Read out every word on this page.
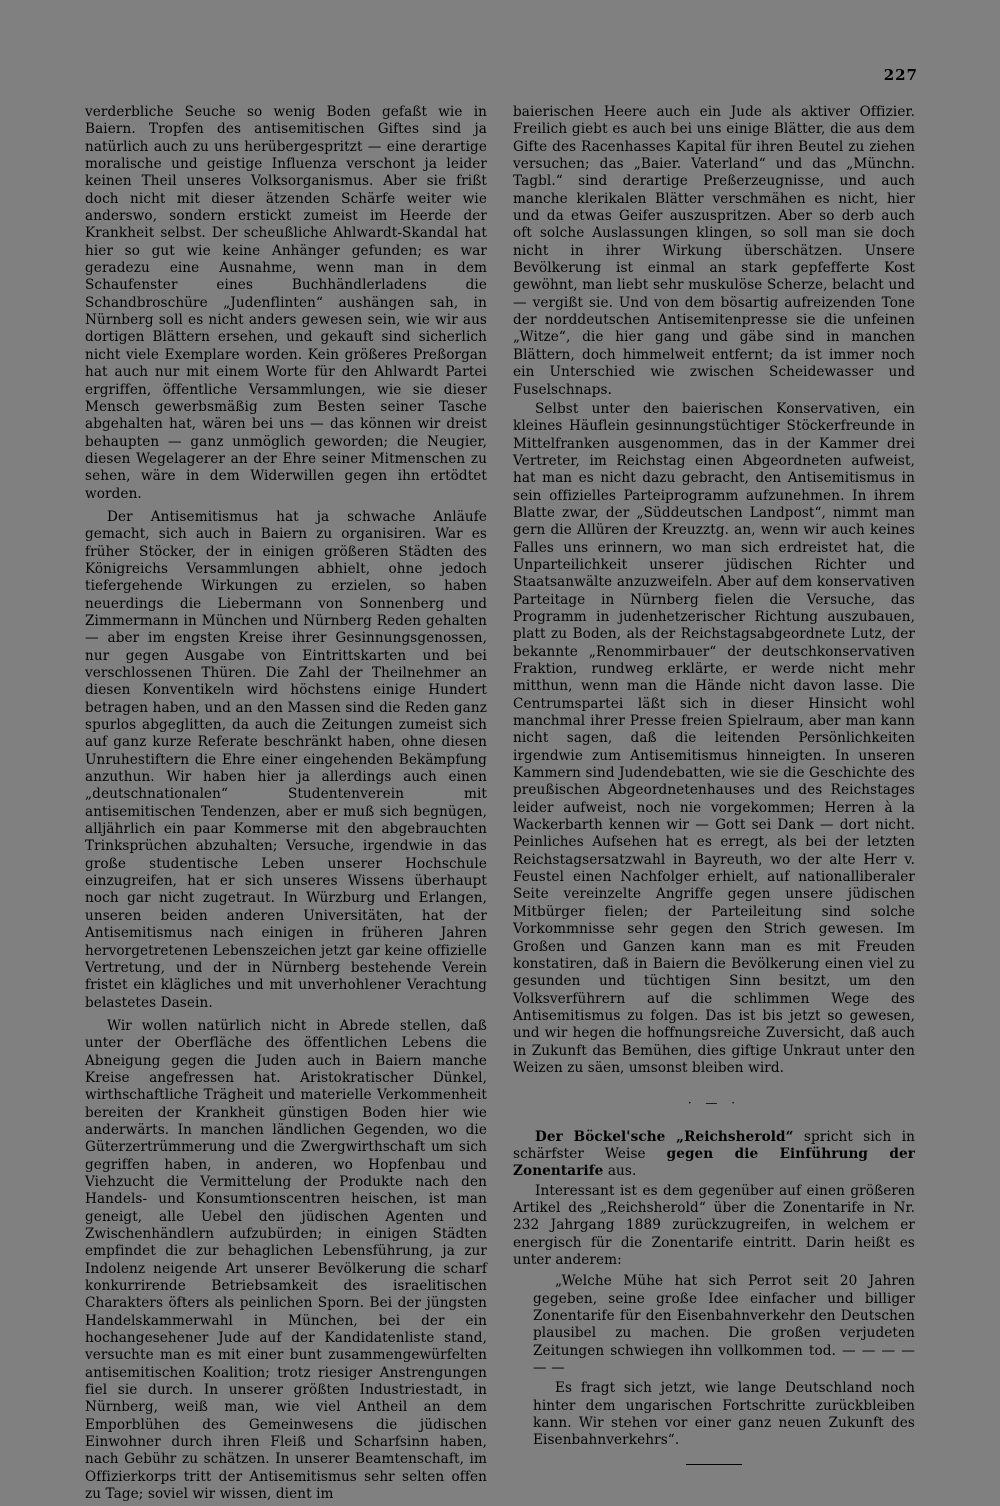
227

verderbliche Seuche so wenig Boden gefaßt wie in Baiern. Tropfen des antisemitischen Giftes sind ja natürlich auch zu uns herübergespritzt — eine derartige moralische und geistige Influenza verschont ja leider keinen Theil unseres Volksorganismus. Aber sie frißt doch nicht mit dieser ätzenden Schärfe weiter wie anderswo, sondern erstickt zumeist im Heerde der Krankheit selbst. Der scheußliche Ahlwardt-Skandal hat hier so gut wie keine Anhänger gefunden; es war geradezu eine Ausnahme, wenn man in dem Schaufenster eines Buchhändlerladens die Schandbroschüre „Judenflinten“ aushängen sah, in Nürnberg soll es nicht anders gewesen sein, wie wir aus dortigen Blättern ersehen, und gekauft sind sicherlich nicht viele Exemplare worden. Kein größeres Preßorgan hat auch nur mit einem Worte für den Ahlwardt Partei ergriffen, öffentliche Versammlungen, wie sie dieser Mensch gewerbsmäßig zum Besten seiner Tasche abgehalten hat, wären bei uns — das können wir dreist behaupten — ganz unmöglich geworden; die Neugier, diesen Wegelagerer an der Ehre seiner Mitmenschen zu sehen, wäre in dem Widerwillen gegen ihn ertödtet worden.

Der Antisemitismus hat ja schwache Anläufe gemacht, sich auch in Baiern zu organisiren. War es früher Stöcker, der in einigen größeren Städten des Königreichs Versammlungen abhielt, ohne jedoch tiefergehende Wirkungen zu erzielen, so haben neuerdings die Liebermann von Sonnenberg und Zimmermann in München und Nürnberg Reden gehalten — aber im engsten Kreise ihrer Gesinnungsgenossen, nur gegen Ausgabe von Eintrittskarten und bei verschlossenen Thüren. Die Zahl der Theilnehmer an diesen Konventikeln wird höchstens einige Hundert betragen haben, und an den Massen sind die Reden ganz spurlos abgeglitten, da auch die Zeitungen zumeist sich auf ganz kurze Referate beschränkt haben, ohne diesen Unruhestiftern die Ehre einer eingehenden Bekämpfung anzuthun. Wir haben hier ja allerdings auch einen „deutschnationalen“ Studentenverein mit antisemitischen Tendenzen, aber er muß sich begnügen, alljährlich ein paar Kommerse mit den abgebrauchten Trinksprüchen abzuhalten; Versuche, irgendwie in das große studentische Leben unserer Hochschule einzugreifen, hat er sich unseres Wissens überhaupt noch gar nicht zugetraut. In Würzburg und Erlangen, unseren beiden anderen Universitäten, hat der Antisemitismus nach einigen in früheren Jahren hervorgetretenen Lebenszeichen jetzt gar keine offizielle Vertretung, und der in Nürnberg bestehende Verein fristet ein klägliches und mit unverhohlener Verachtung belastetes Dasein.

Wir wollen natürlich nicht in Abrede stellen, daß unter der Oberfläche des öffentlichen Lebens die Abneigung gegen die Juden auch in Baiern manche Kreise angefressen hat. Aristokratischer Dünkel, wirthschaftliche Trägheit und materielle Verkommenheit bereiten der Krankheit günstigen Boden hier wie anderwärts. In manchen ländlichen Gegenden, wo die Güterzertrümmerung und die Zwergwirthschaft um sich gegriffen haben, in anderen, wo Hopfenbau und Viehzucht die Vermittelung der Produkte nach den Handels- und Konsumtionscentren heischen, ist man geneigt, alle Uebel den jüdischen Agenten und Zwischenhändlern aufzubürden; in einigen Städten empfindet die zur behaglichen Lebensführung, ja zur Indolenz neigende Art unserer Bevölkerung die scharf konkurrirende Betriebsamkeit des israelitischen Charakters öfters als peinlichen Sporn. Bei der jüngsten Handelskammerwahl in München, bei der ein hochangesehener Jude auf der Kandidatenliste stand, versuchte man es mit einer bunt zusammengewürfelten antisemitischen Koalition; trotz riesiger Anstrengungen fiel sie durch. In unserer größten Industriestadt, in Nürnberg, weiß man, wie viel Antheil an dem Emporblühen des Gemeinwesens die jüdischen Einwohner durch ihren Fleiß und Scharfsinn haben, nach Gebühr zu schätzen. In unserer Beamtenschaft, im Offizierkorps tritt der Antisemitismus sehr selten offen zu Tage; soviel wir wissen, dient im

baierischen Heere auch ein Jude als aktiver Offizier. Freilich giebt es auch bei uns einige Blätter, die aus dem Gifte des Racenhasses Kapital für ihren Beutel zu ziehen versuchen; das „Baier. Vaterland“ und das „Münchn. Tagbl.“ sind derartige Preßerzeugnisse, und auch manche klerikalen Blätter verschmähen es nicht, hier und da etwas Geifer auszuspritzen. Aber so derb auch oft solche Auslassungen klingen, so soll man sie doch nicht in ihrer Wirkung überschätzen. Unsere Bevölkerung ist einmal an stark gepfefferte Kost gewöhnt, man liebt sehr muskulöse Scherze, belacht und — vergißt sie. Und von dem bösartig aufreizenden Tone der norddeutschen Antisemitenpresse sie die unfeinen „Witze“, die hier gang und gäbe sind in manchen Blättern, doch himmelweit entfernt; da ist immer noch ein Unterschied wie zwischen Scheidewasser und Fuselschnaps.

Selbst unter den baierischen Konservativen, ein kleines Häuflein gesinnungstüchtiger Stöckerfreunde in Mittelfranken ausgenommen, das in der Kammer drei Vertreter, im Reichstag einen Abgeordneten aufweist, hat man es nicht dazu gebracht, den Antisemitismus in sein offizielles Parteiprogramm aufzunehmen. In ihrem Blatte zwar, der „Süddeutschen Landpost“, nimmt man gern die Allüren der Kreuzztg. an, wenn wir auch keines Falles uns erinnern, wo man sich erdreistet hat, die Unparteilichkeit unserer jüdischen Richter und Staatsanwälte anzuzweifeln. Aber auf dem konservativen Parteitage in Nürnberg fielen die Versuche, das Programm in judenhetzerischer Richtung auszubauen, platt zu Boden, als der Reichstagsabgeordnete Lutz, der bekannte „Renommirbauer“ der deutschkonservativen Fraktion, rundweg erklärte, er werde nicht mehr mitthun, wenn man die Hände nicht davon lasse. Die Centrumspartei läßt sich in dieser Hinsicht wohl manchmal ihrer Presse freien Spielraum, aber man kann nicht sagen, daß die leitenden Persönlichkeiten irgendwie zum Antisemitismus hinneigten. In unseren Kammern sind Judendebatten, wie sie die Geschichte des preußischen Abgeordnetenhauses und des Reichstages leider aufweist, noch nie vorgekommen; Herren à la Wackerbarth kennen wir — Gott sei Dank — dort nicht. Peinliches Aufsehen hat es erregt, als bei der letzten Reichstagsersatzwahl in Bayreuth, wo der alte Herr v. Feustel einen Nachfolger erhielt, auf nationalliberaler Seite vereinzelte Angriffe gegen unsere jüdischen Mitbürger fielen; der Parteileitung sind solche Vorkommnisse sehr gegen den Strich gewesen. Im Großen und Ganzen kann man es mit Freuden konstatiren, daß in Baiern die Bevölkerung einen viel zu gesunden und tüchtigen Sinn besitzt, um den Volksverführern auf die schlimmen Wege des Antisemitismus zu folgen. Das ist bis jetzt so gewesen, und wir hegen die hoffnungsreiche Zuversicht, daß auch in Zukunft das Bemühen, dies giftige Unkraut unter den Weizen zu säen, umsonst bleiben wird.

· — ·

Der Böckel'sche „Reichsherold“ spricht sich in schärfster Weise gegen die Einführung der Zonentarife aus.

Interessant ist es dem gegenüber auf einen größeren Artikel des „Reichsherold“ über die Zonentarife in Nr. 232 Jahrgang 1889 zurückzugreifen, in welchem er energisch für die Zonentarife eintritt. Darin heißt es unter anderem:

„Welche Mühe hat sich Perrot seit 20 Jahren gegeben, seine große Idee einfacher und billiger Zonentarife für den Eisenbahnverkehr den Deutschen plausibel zu machen. Die großen verjudeten Zeitungen schwiegen ihn vollkommen tod. — — — — — —

Es fragt sich jetzt, wie lange Deutschland noch hinter dem ungarischen Fortschritte zurückbleiben kann. Wir stehen vor einer ganz neuen Zukunft des Eisenbahnverkehrs“.
